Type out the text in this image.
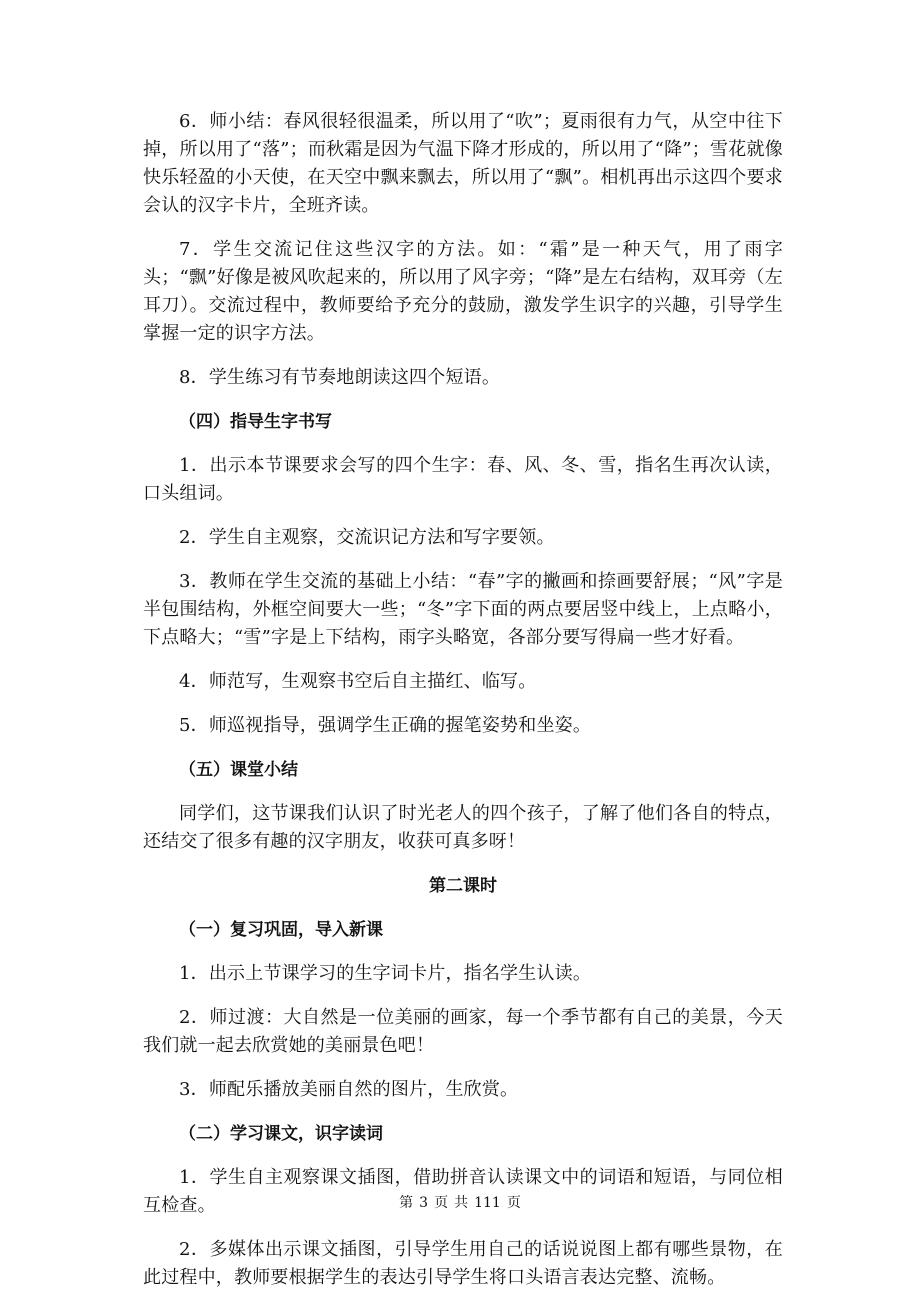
6．师小结：春风很轻很温柔，所以用了“吹”；夏雨很有力气，从空中往下掉，所以用了“落”；而秋霜是因为气温下降才形成的，所以用了“降”；雪花就像快乐轻盈的小天使，在天空中飘来飘去，所以用了“飘”。相机再出示这四个要求会认的汉字卡片，全班齐读。

7．学生交流记住这些汉字的方法。如：“霜”是一种天气，用了雨字头；“飘”好像是被风吹起来的，所以用了风字旁；“降”是左右结构，双耳旁（左耳刀）。交流过程中，教师要给予充分的鼓励，激发学生识字的兴趣，引导学生掌握一定的识字方法。

8．学生练习有节奏地朗读这四个短语。

（四）指导生字书写

1．出示本节课要求会写的四个生字：春、风、冬、雪，指名生再次认读，口头组词。

2．学生自主观察，交流识记方法和写字要领。

3．教师在学生交流的基础上小结：“春”字的撇画和捺画要舒展；“风”字是半包围结构，外框空间要大一些；“冬”字下面的两点要居竖中线上，上点略小，下点略大；“雪”字是上下结构，雨字头略宽，各部分要写得扁一些才好看。

4．师范写，生观察书空后自主描红、临写。

5．师巡视指导，强调学生正确的握笔姿势和坐姿。

（五）课堂小结

同学们，这节课我们认识了时光老人的四个孩子，了解了他们各自的特点，还结交了很多有趣的汉字朋友，收获可真多呀！

第二课时

（一）复习巩固，导入新课

1．出示上节课学习的生字词卡片，指名学生认读。

2．师过渡：大自然是一位美丽的画家，每一个季节都有自己的美景，今天我们就一起去欣赏她的美丽景色吧！

3．师配乐播放美丽自然的图片，生欣赏。

（二）学习课文，识字读词

1．学生自主观察课文插图，借助拼音认读课文中的词语和短语，与同位相互检查。

2．多媒体出示课文插图，引导学生用自己的话说说图上都有哪些景物，在此过程中，教师要根据学生的表达引导学生将口头语言表达完整、流畅。

第 3 页 共 111 页
